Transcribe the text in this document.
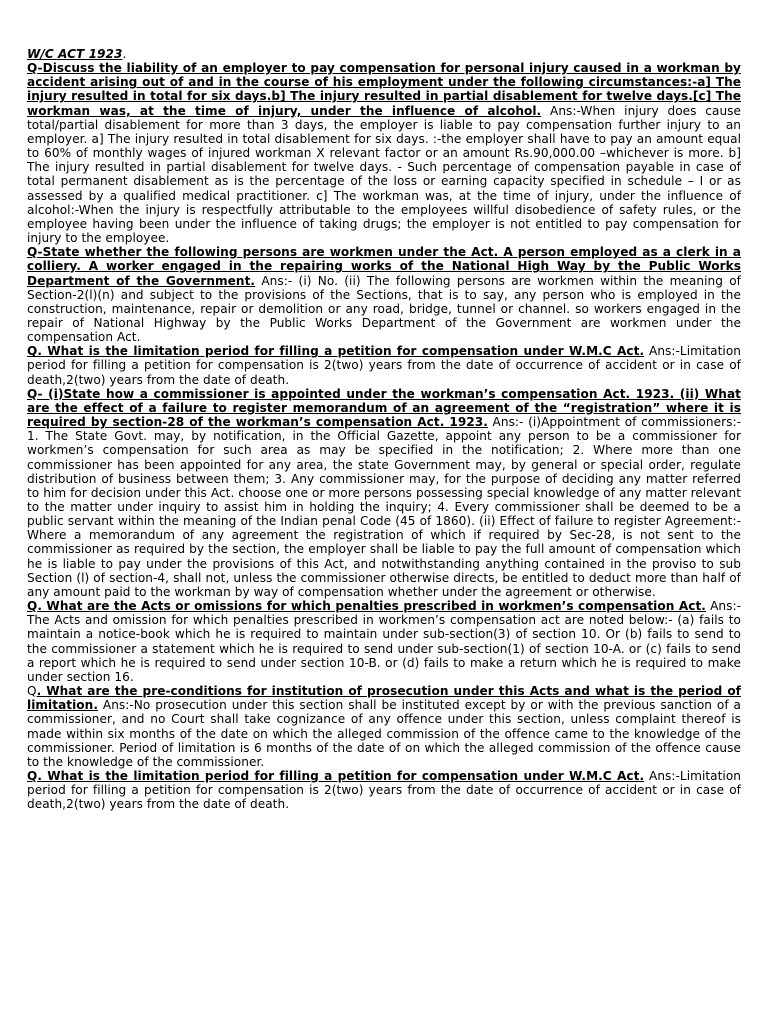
W/C ACT 1923.

Q-Discuss the liability of an employer to pay compensation for personal injury caused in a workman by accident arising out of and in the course of his employment under the following circumstances:-a] The injury resulted in total for six days.b] The injury resulted in partial disablement for twelve days.[c] The workman was, at the time of injury, under the influence of alcohol. Ans:-When injury does cause total/partial disablement for more than 3 days, the employer is liable to pay compensation further injury to an employer. a] The injury resulted in total disablement for six days. :-the employer shall have to pay an amount equal to 60% of monthly wages of injured workman X relevant factor or an amount Rs.90,000.00 –whichever is more. b] The injury resulted in partial disablement for twelve days. - Such percentage of compensation payable in case of total permanent disablement as is the percentage of the loss or earning capacity specified in schedule – I or as assessed by a qualified medical practitioner. c] The workman was, at the time of injury, under the influence of alcohol:-When the injury is respectfully attributable to the employees willful disobedience of safety rules, or the employee having been under the influence of taking drugs; the employer is not entitled to pay compensation for injury to the employee.

Q-State whether the following persons are workmen under the Act. A person employed as a clerk in a colliery. A worker engaged in the repairing works of the National High Way by the Public Works Department of the Government. Ans:- (i) No. (ii) The following persons are workmen within the meaning of Section-2(l)(n) and subject to the provisions of the Sections, that is to say, any person who is employed in the construction, maintenance, repair or demolition or any road, bridge, tunnel or channel. so workers engaged in the repair of National Highway by the Public Works Department of the Government are workmen under the compensation Act.

Q. What is the limitation period for filling a petition for compensation under W.M.C Act. Ans:-Limitation period for filling a petition for compensation is 2(two) years from the date of occurrence of accident or in case of death,2(two) years from the date of death.

Q- (i)State how a commissioner is appointed under the workman’s compensation Act. 1923. (ii) What are the effect of a failure to register memorandum of an agreement of the “registration” where it is required by section-28 of the workman’s compensation Act. 1923. Ans:- (i)Appointment of commissioners:- 1. The State Govt. may, by notification, in the Official Gazette, appoint any person to be a commissioner for workmen’s compensation for such area as may be specified in the notification; 2. Where more than one commissioner has been appointed for any area, the state Government may, by general or special order, regulate distribution of business between them; 3. Any commissioner may, for the purpose of deciding any matter referred to him for decision under this Act. choose one or more persons possessing special knowledge of any matter relevant to the matter under inquiry to assist him in holding the inquiry; 4. Every commissioner shall be deemed to be a public servant within the meaning of the Indian penal Code (45 of 1860). (ii) Effect of failure to register Agreement:- Where a memorandum of any agreement the registration of which if required by Sec-28, is not sent to the commissioner as required by the section, the employer shall be liable to pay the full amount of compensation which he is liable to pay under the provisions of this Act, and notwithstanding anything contained in the proviso to sub Section (l) of section-4, shall not, unless the commissioner otherwise directs, be entitled to deduct more than half of any amount paid to the workman by way of compensation whether under the agreement or otherwise.

Q. What are the Acts or omissions for which penalties prescribed in workmen’s compensation Act. Ans:- The Acts and omission for which penalties prescribed in workmen’s compensation act are noted below:- (a) fails to maintain a notice-book which he is required to maintain under sub-section(3) of section 10. Or (b) fails to send to the commissioner a statement which he is required to send under sub-section(1) of section 10-A. or (c) fails to send a report which he is required to send under section 10-B. or (d) fails to make a return which he is required to make under section 16.

Q. What are the pre-conditions for institution of prosecution under this Acts and what is the period of limitation. Ans:-No prosecution under this section shall be instituted except by or with the previous sanction of a commissioner, and no Court shall take cognizance of any offence under this section, unless complaint thereof is made within six months of the date on which the alleged commission of the offence came to the knowledge of the commissioner. Period of limitation is 6 months of the date of on which the alleged commission of the offence cause to the knowledge of the commissioner.

Q. What is the limitation period for filling a petition for compensation under W.M.C Act. Ans:-Limitation period for filling a petition for compensation is 2(two) years from the date of occurrence of accident or in case of death,2(two) years from the date of death.
